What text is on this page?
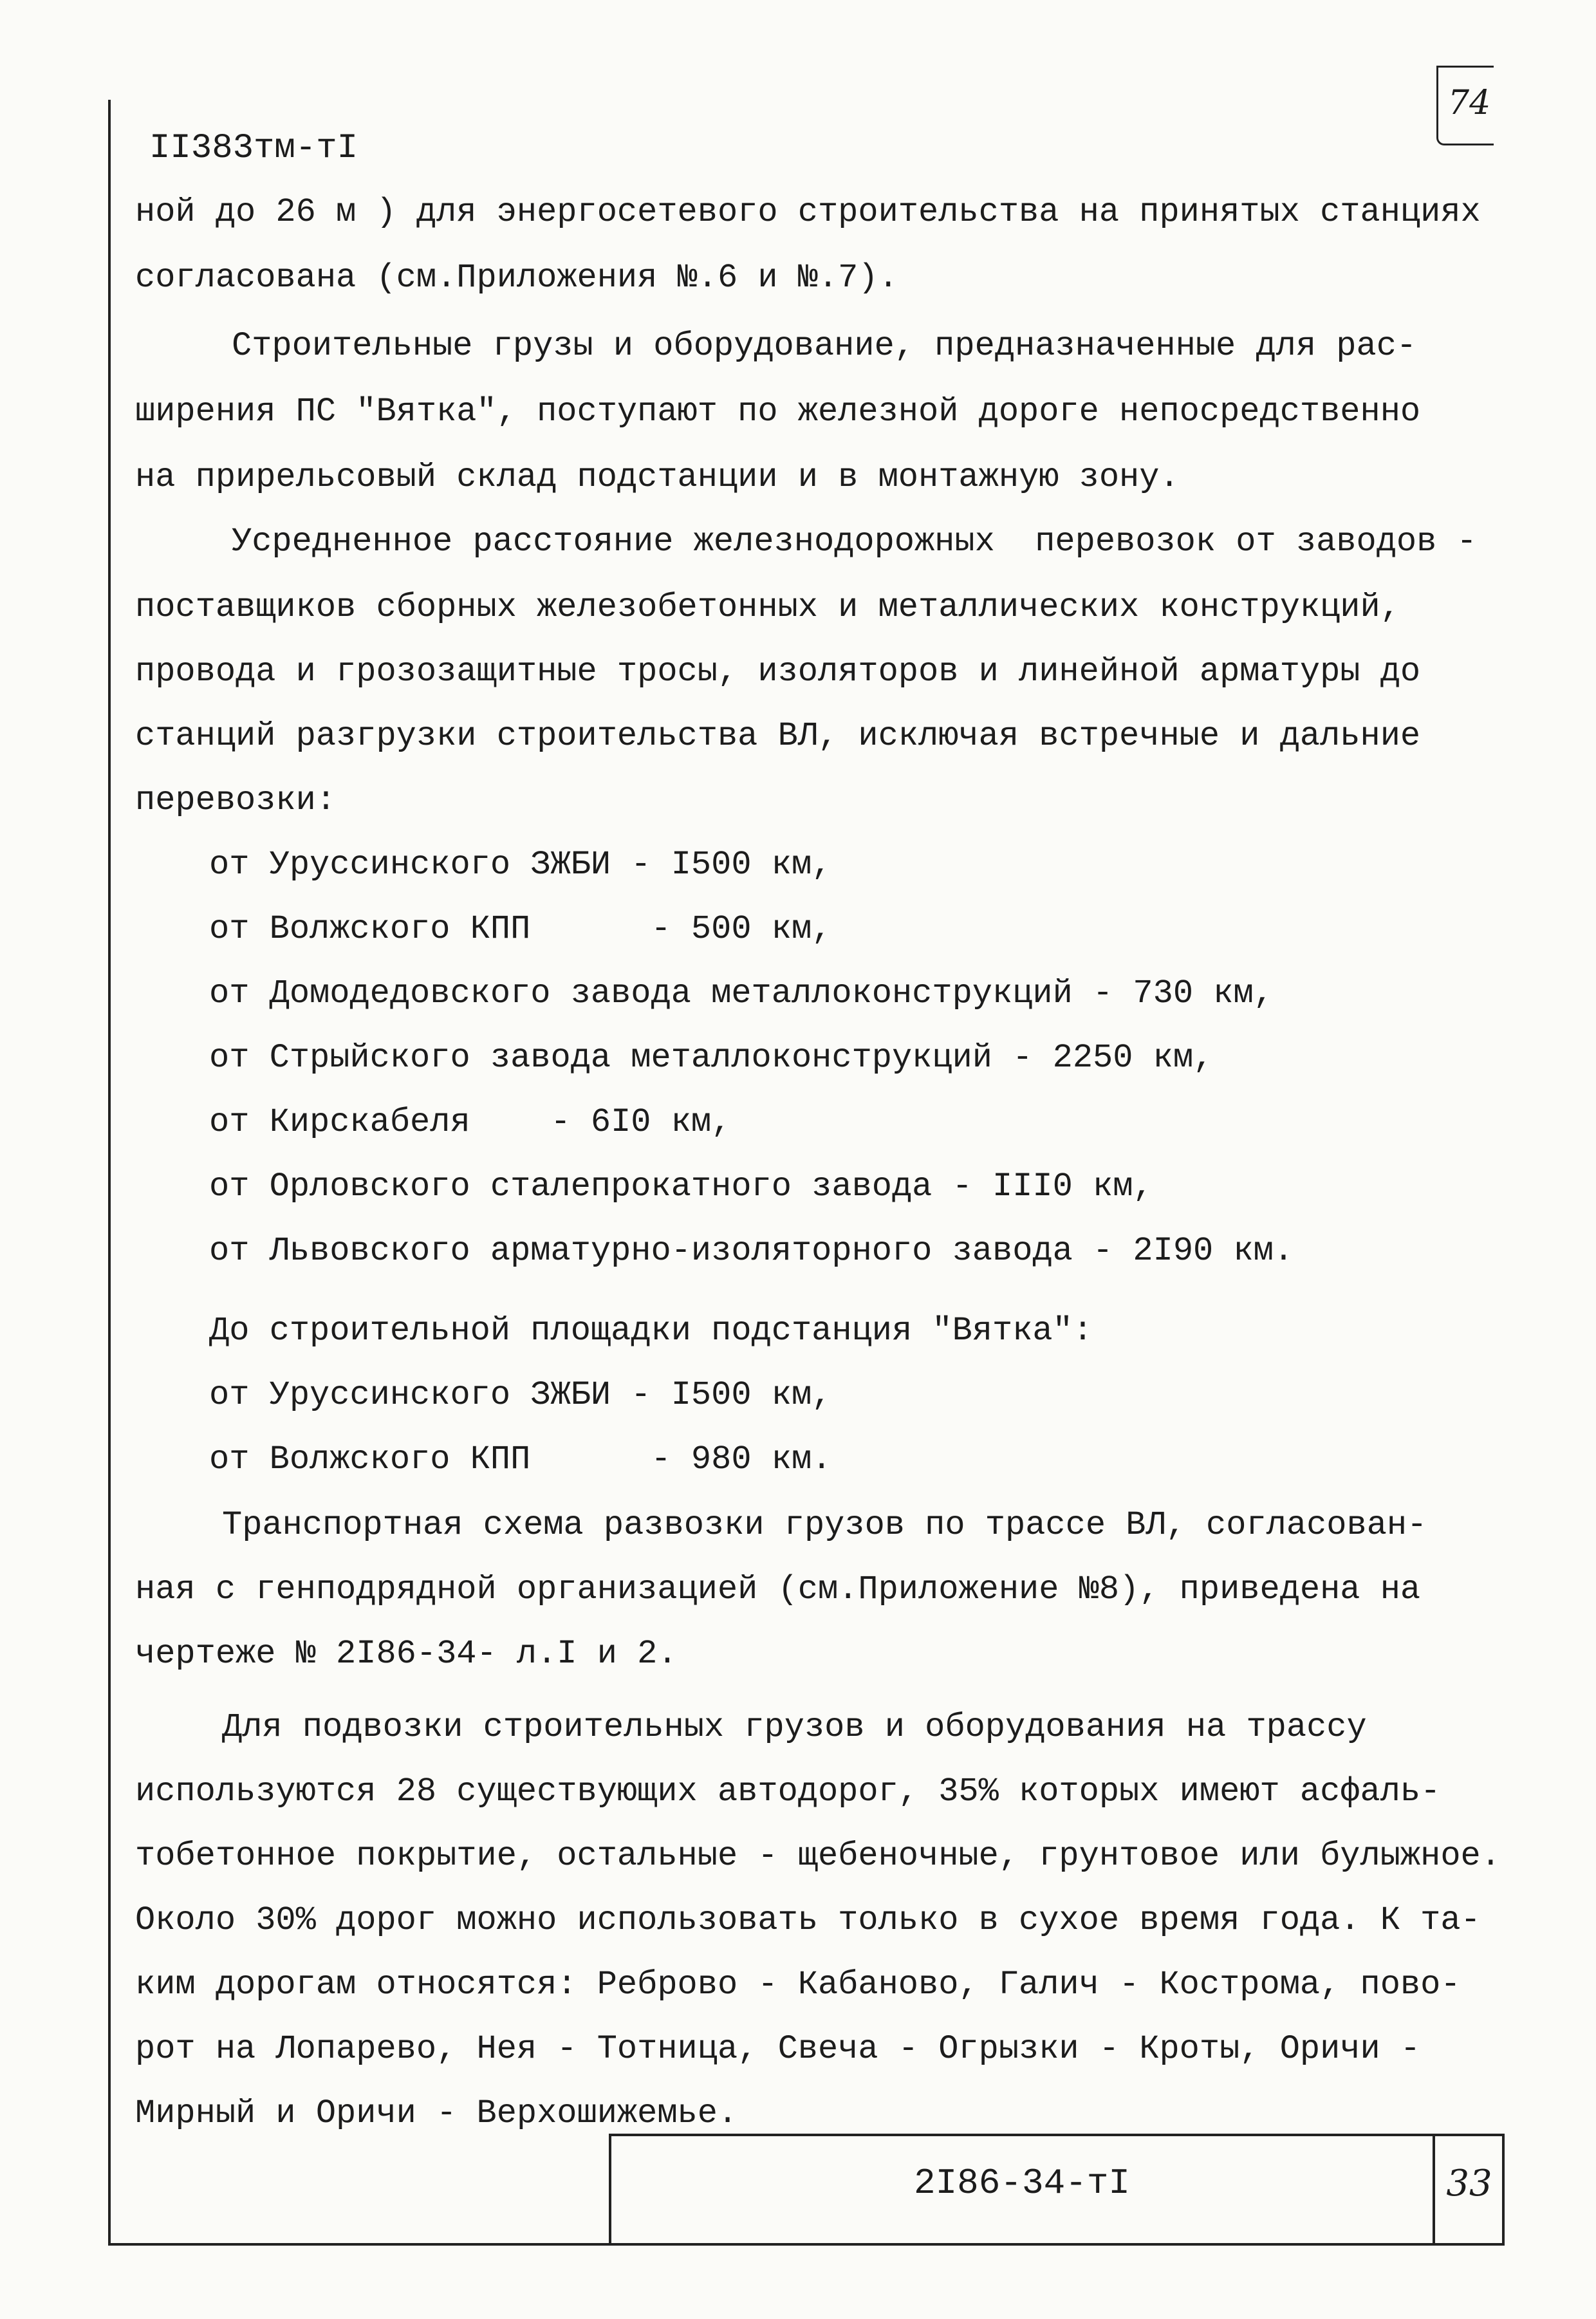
74
II383тм-тI
ной до 26 м ) для энергосетевого строительства на принятых станциях
согласована (см.Приложения №.6 и №.7).
Строительные грузы и оборудование, предназначенные для рас-
ширения ПС "Вятка", поступают по железной дороге непосредственно
на прирельсовый склад подстанции и в монтажную зону.
Усредненное расстояние железнодорожных  перевозок от заводов -
поставщиков сборных железобетонных и металлических конструкций,
провода и грозозащитные тросы, изоляторов и линейной арматуры до
станций разгрузки строительства ВЛ, исключая встречные и дальние
перевозки:
от Уруссинского ЗЖБИ - I500 км,
от Волжского КПП      - 500 км,
от Домодедовского завода металлоконструкций - 730 км,
от Стрыйского завода металлоконструкций - 2250 км,
от Кирскабеля    - 6I0 км,
от Орловского сталепрокатного завода - III0 км,
от Львовского арматурно-изоляторного завода - 2I90 км.
До строительной площадки подстанция "Вятка":
от Уруссинского ЗЖБИ - I500 км,
от Волжского КПП      - 980 км.
Транспортная схема развозки грузов по трассе ВЛ, согласован-
ная с генподрядной организацией (см.Приложение №8), приведена на
чертеже № 2I86-34- л.I и 2.
Для подвозки строительных грузов и оборудования на трассу
используются 28 существующих автодорог, 35% которых имеют асфаль-
тобетонное покрытие, остальные - щебеночные, грунтовое или булыжное.
Около 30% дорог можно использовать только в сухое время года. К та-
ким дорогам относятся: Реброво - Кабаново, Галич - Кострома, пово-
рот на Лопарево, Нея - Тотница, Свеча - Огрызки - Кроты, Оричи -
Мирный и Оричи - Верхошижемье.
2I86-34-тI	33
